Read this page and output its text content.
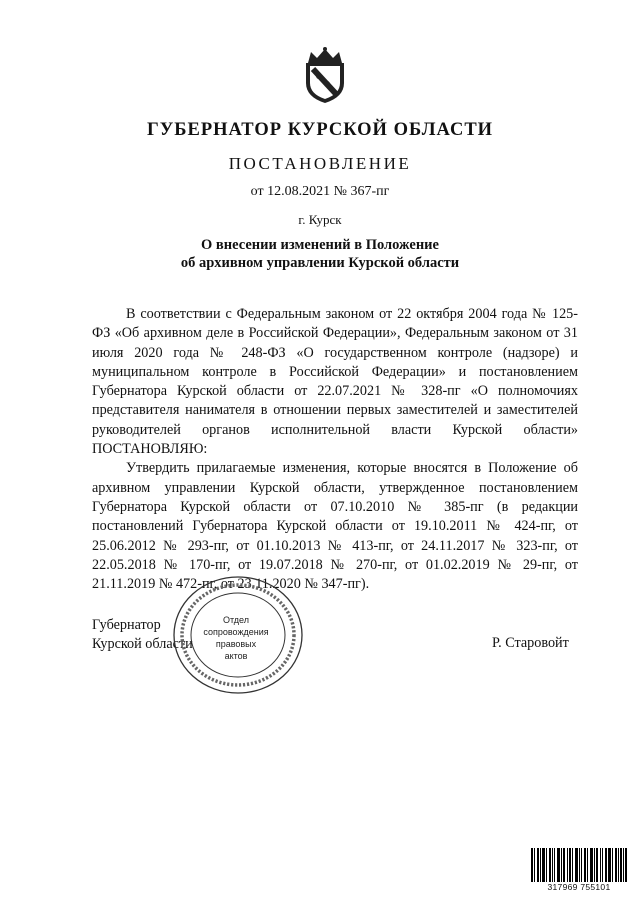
ГУБЕРНАТОР КУРСКОЙ ОБЛАСТИ
ПОСТАНОВЛЕНИЕ
от 12.08.2021 № 367-пг
г. Курск
О внесении изменений в Положение
об архивном управлении Курской области

В соответствии с Федеральным законом от 22 октября 2004 года № 125-ФЗ «Об архивном деле в Российской Федерации», Федеральным законом от 31 июля 2020 года № 248-ФЗ «О государственном контроле (надзоре) и муниципальном контроле в Российской Федерации» и постановлением Губернатора Курской области от 22.07.2021 № 328-пг «О полномочиях представителя нанимателя в отношении первых заместителей и заместителей руководителей органов исполнительной власти Курской области» ПОСТАНОВЛЯЮ:

Утвердить прилагаемые изменения, которые вносятся в Положение об архивном управлении Курской области, утвержденное постановлением Губернатора Курской области от 07.10.2010 № 385-пг (в редакции постановлений Губернатора Курской области от 19.10.2011 № 424-пг, от 25.06.2012 № 293-пг, от 01.10.2013 № 413-пг, от 24.11.2017 № 323-пг, от 22.05.2018 № 170-пг, от 19.07.2018 № 270-пг, от 01.02.2019 № 29-пг, от 21.11.2019 № 472-пг, от 23.11.2020 № 347-пг).

Губернатор
Курской области	Р. Старовойт
Отдел
сопровождения
правовых
актов
317969 755101
